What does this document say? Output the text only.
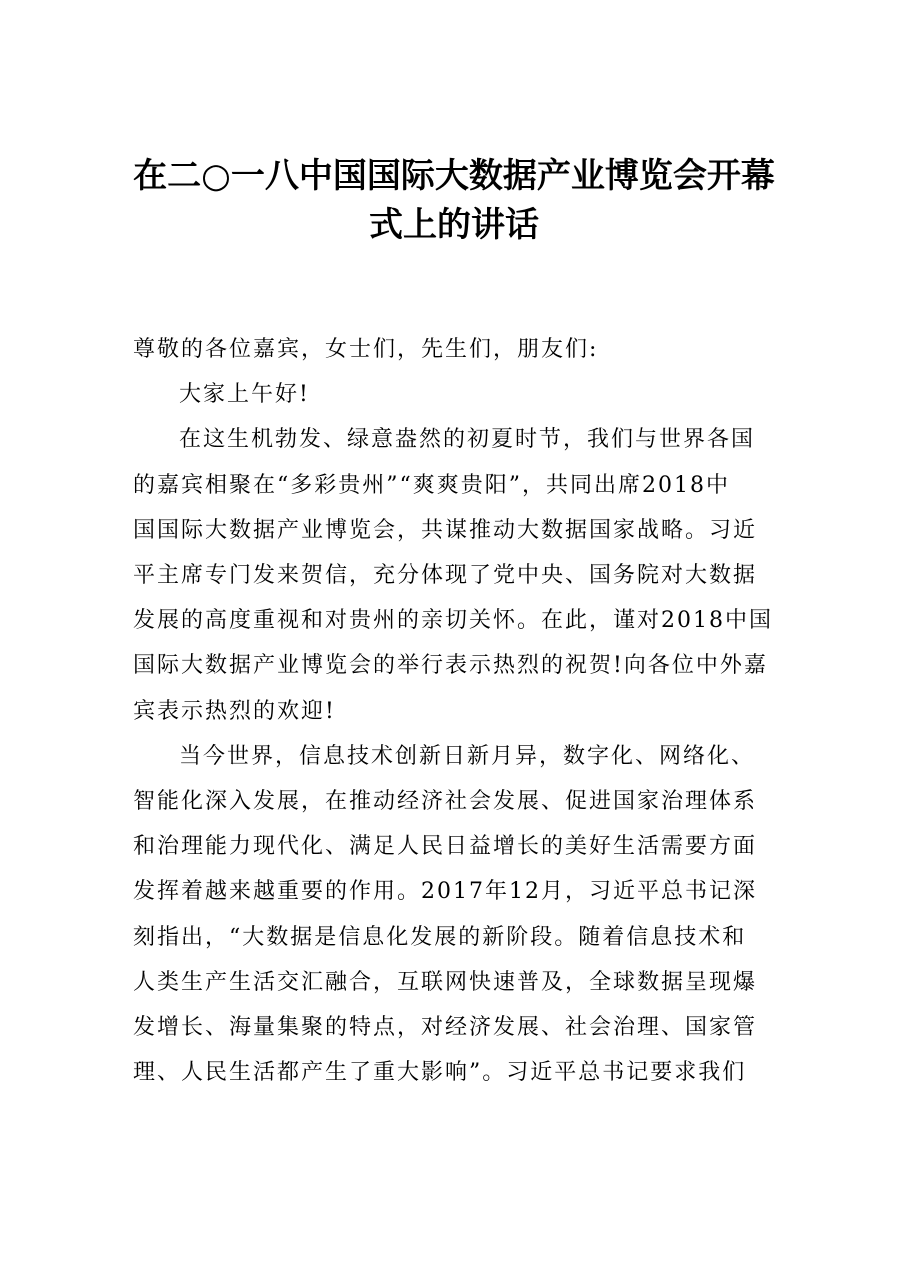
在二○一八中国国际大数据产业博览会开幕
式上的讲话
尊敬的各位嘉宾，女士们，先生们，朋友们:
大家上午好!
在这生机勃发、绿意盎然的初夏时节，我们与世界各国
的嘉宾相聚在“多彩贵州”“爽爽贵阳”，共同出席2018中
国国际大数据产业博览会，共谋推动大数据国家战略。习近
平主席专门发来贺信，充分体现了党中央、国务院对大数据
发展的高度重视和对贵州的亲切关怀。在此，谨对2018中国
国际大数据产业博览会的举行表示热烈的祝贺!向各位中外嘉
宾表示热烈的欢迎!
当今世界，信息技术创新日新月异，数字化、网络化、
智能化深入发展，在推动经济社会发展、促进国家治理体系
和治理能力现代化、满足人民日益增长的美好生活需要方面
发挥着越来越重要的作用。2017年12月，习近平总书记深
刻指出，“大数据是信息化发展的新阶段。随着信息技术和
人类生产生活交汇融合，互联网快速普及，全球数据呈现爆
发增长、海量集聚的特点，对经济发展、社会治理、国家管
理、人民生活都产生了重大影响”。习近平总书记要求我们
